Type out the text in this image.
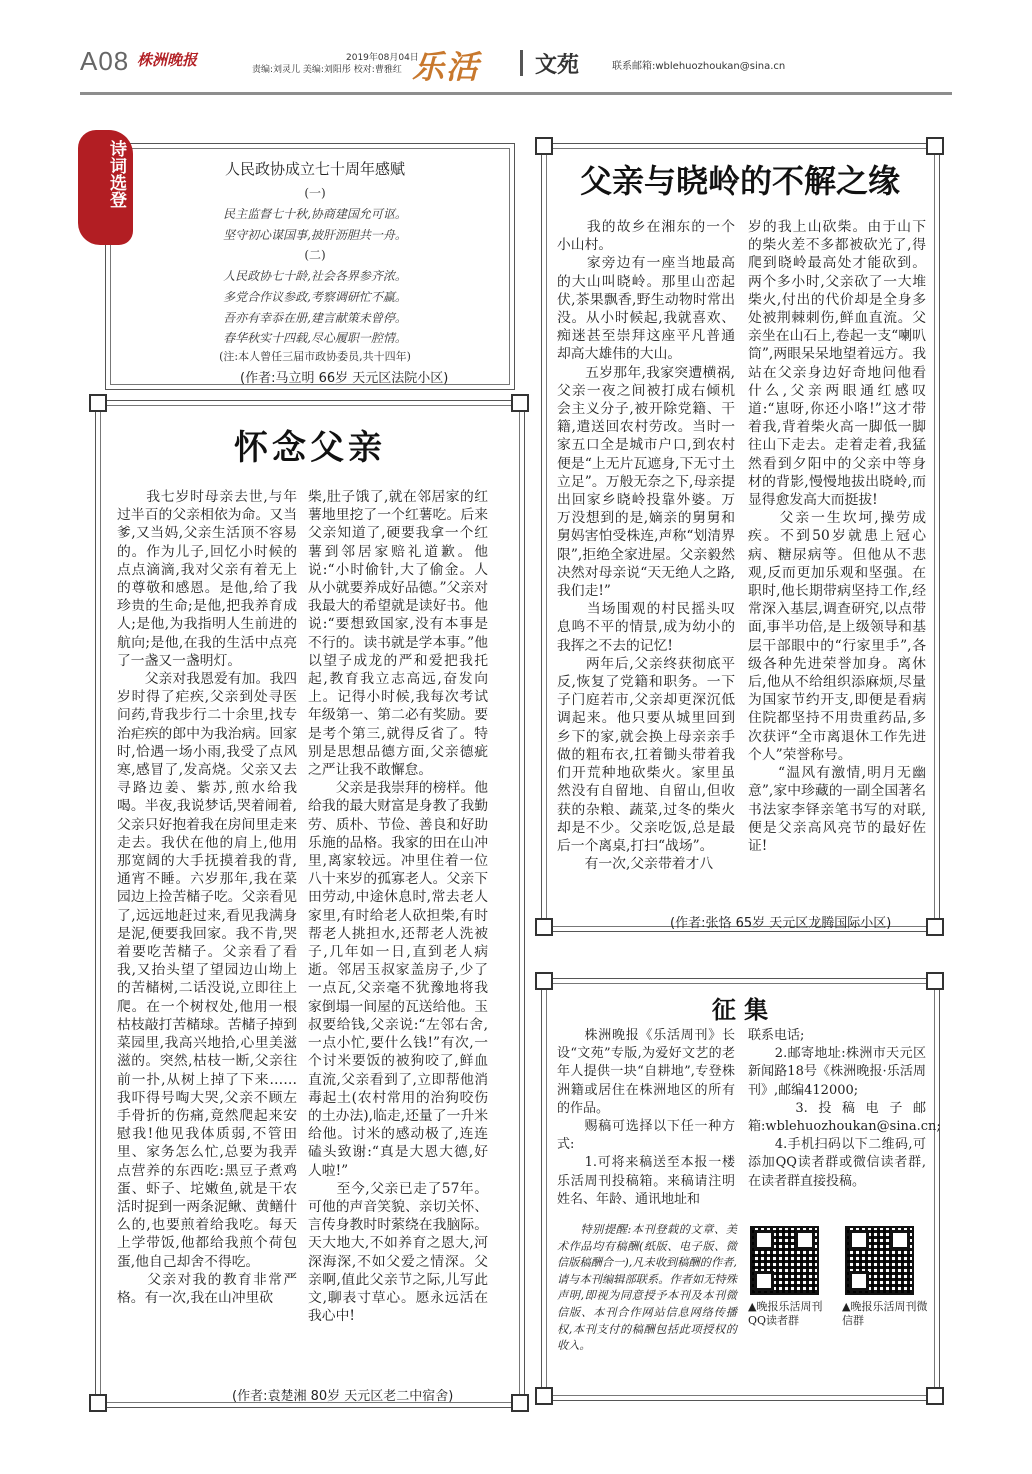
A08 株洲晚报	2019年08月04日
责编:刘灵儿 美编:刘阳彤 校对:曹雅红 乐活 文苑	联系邮箱:wblehuozhoukan@sina.cn
诗词选登	人民政协成立七十周年感赋
(一)
民主监督七十秋,协商建国允可讴。
坚守初心谋国事,披肝沥胆共一舟。
(二)
人民政协七十龄,社会各界参齐浓。
多党合作议参政,考察调研忙不赢。
吾亦有幸忝在册,建言献策未曾停。
春华秋实十四载,尽心履职一腔情。
(注:本人曾任三届市政协委员,共十四年)
(作者:马立明 66岁 天元区法院小区)
怀念父亲
　　我七岁时母亲去世,与年过半百的父亲相依为命。又当爹,又当妈,父亲生活顶不容易的。作为儿子,回忆小时候的点点滴滴,我对父亲有着无上的尊敬和感恩。是他,给了我珍贵的生命;是他,把我养育成人;是他,为我指明人生前进的航向;是他,在我的生活中点亮了一盏又一盏明灯。
　　父亲对我恩爱有加。我四岁时得了疟疾,父亲到处寻医问药,背我步行二十余里,找专治疟疾的郎中为我治病。回家时,恰遇一场小雨,我受了点风寒,感冒了,发高烧。父亲又去寻路边姜、紫苏,煎水给我喝。半夜,我说梦话,哭着闹着,父亲只好抱着我在房间里走来走去。我伏在他的肩上,他用那宽阔的大手抚摸着我的背,通宵不睡。六岁那年,我在菜园边上捡苦槠子吃。父亲看见了,远远地赶过来,看见我满身是泥,便要我回家。我不肯,哭着要吃苦槠子。父亲看了看我,又抬头望了望园边山坳上的苦槠树,二话没说,立即往上爬。在一个树杈处,他用一根枯枝敲打苦槠球。苦槠子掉到菜园里,我高兴地拾,心里美滋滋的。突然,枯枝一断,父亲往前一扑,从树上掉了下来……我吓得号啕大哭,父亲不顾左手骨折的伤痛,竟然爬起来安慰我!他见我体质弱,不管田里、家务怎么忙,总要为我弄点营养的东西吃:黑豆子煮鸡蛋、虾子、坨嫩鱼,就是干农活时捉到一两条泥鳅、黄鳝什么的,也要煎着给我吃。每天上学带饭,他都给我煎个荷包蛋,他自己却舍不得吃。
　　父亲对我的教育非常严格。有一次,我在山冲里砍
柴,肚子饿了,就在邻居家的红薯地里挖了一个红薯吃。后来父亲知道了,硬要我拿一个红薯到邻居家赔礼道歉。他说:“小时偷针,大了偷金。人从小就要养成好品德。”父亲对我最大的希望就是读好书。他说:“要想致国家,没有本事是不行的。读书就是学本事。”他以望子成龙的严和爱把我托起,教育我立志高远,奋发向上。记得小时候,我每次考试年级第一、第二必有奖励。要是考个第三,就得反省了。特别是思想品德方面,父亲德疵之严让我不敢懈怠。
　　父亲是我崇拜的榜样。他给我的最大财富是身教了我勤劳、质朴、节俭、善良和好助乐施的品格。我家的田在山冲里,离家较远。冲里住着一位八十来岁的孤寡老人。父亲下田劳动,中途休息时,常去老人家里,有时给老人砍担柴,有时帮老人挑担水,还帮老人洗被子,几年如一日,直到老人病逝。邻居玉叔家盖房子,少了一点瓦,父亲毫不犹豫地将我家倒塌一间屋的瓦送给他。玉叔要给钱,父亲说:“左邻右舍,一点小忙,要什么钱!”有次,一个讨米要饭的被狗咬了,鲜血直流,父亲看到了,立即帮他消毒起土(农村常用的治狗咬伤的土办法),临走,还量了一升米给他。讨米的感动极了,连连磕头致谢:“真是大恩大德,好人啦!”
　　至今,父亲已走了57年。可他的声音笑貌、亲切关怀、言传身教时时萦绕在我脑际。天大地大,不如养育之恩大,河深海深,不如父爱之情深。父亲啊,值此父亲节之际,儿写此文,聊表寸草心。愿永远活在我心中!
(作者:袁楚湘 80岁 天元区老二中宿舍)
父亲与晓岭的不解之缘
　　我的故乡在湘东的一个小山村。
　　家旁边有一座当地最高的大山叫晓岭。那里山峦起伏,茶果飘香,野生动物时常出没。从小时候起,我就喜欢、痴迷甚至崇拜这座平凡普通却高大雄伟的大山。
　　五岁那年,我家突遭横祸,父亲一夜之间被打成右倾机会主义分子,被开除党籍、干籍,遣送回农村劳改。当时一家五口全是城市户口,到农村便是“上无片瓦遮身,下无寸土立足”。万般无奈之下,母亲提出回家乡晓岭投靠外婆。万万没想到的是,嫡亲的舅舅和舅妈害怕受株连,声称“划清界限”,拒绝全家进屋。父亲毅然决然对母亲说“天无绝人之路,我们走!”
　　当场围观的村民摇头叹息鸣不平的情景,成为幼小的我挥之不去的记忆!
　　两年后,父亲终获彻底平反,恢复了党籍和职务。一下子门庭若市,父亲却更深沉低调起来。他只要从城里回到乡下的家,就会换上母亲亲手做的粗布衣,扛着锄头带着我们开荒种地砍柴火。家里虽然没有自留地、自留山,但收获的杂粮、蔬菜,过冬的柴火却是不少。父亲吃饭,总是最后一个离桌,打扫“战场”。
　　有一次,父亲带着才八
岁的我上山砍柴。由于山下的柴火差不多都被砍光了,得爬到晓岭最高处才能砍到。两个多小时,父亲砍了一大堆柴火,付出的代价却是全身多处被荆棘刺伤,鲜血直流。父亲坐在山石上,卷起一支“喇叭筒”,两眼呆呆地望着远方。我站在父亲身边好奇地问他看什么,父亲两眼通红感叹道:“崽呀,你还小咯!”这才带着我,背着柴火高一脚低一脚往山下走去。走着走着,我猛然看到夕阳中的父亲中等身材的背影,慢慢地拔出晓岭,而显得愈发高大而挺拔!
　　父亲一生坎坷,操劳成疾。不到50岁就患上冠心病、糖尿病等。但他从不悲观,反而更加乐观和坚强。在职时,他长期带病坚持工作,经常深入基层,调查研究,以点带面,事半功倍,是上级领导和基层干部眼中的“行家里手”,各级各种先进荣誉加身。离休后,他从不给组织添麻烦,尽量为国家节约开支,即便是看病住院都坚持不用贵重药品,多次获评“全市离退休工作先进个人”荣誉称号。
　　“温风有激情,明月无幽意”,家中珍藏的一副全国著名书法家李铎亲笔书写的对联,便是父亲高风亮节的最好佐证!
(作者:张恪 65岁 天元区龙腾国际小区)
征 集
　　株洲晚报《乐活周刊》长设“文苑”专版,为爱好文艺的老年人提供一块“自耕地”,专登株洲籍或居住在株洲地区的所有的作品。
　　赐稿可选择以下任一种方式:
　　1.可将来稿送至本报一楼乐活周刊投稿箱。来稿请注明姓名、年龄、通讯地址和
联系电话;
　　2.邮寄地址:株洲市天元区新闻路18号《株洲晚报·乐活周刊》,邮编412000;
　　3.投稿电子邮箱:wblehuozhoukan@sina.cn;
　　4.手机扫码以下二维码,可添加QQ读者群或微信读者群,在读者群直接投稿。
　　特别提醒:本刊登载的文章、美术作品均有稿酬(纸版、电子版、微信版稿酬合一),凡未收到稿酬的作者,请与本刊编辑部联系。作者如无特殊声明,即视为同意授予本刊及本刊微信版、本刊合作网站信息网络传播权,本刊支付的稿酬包括此项授权的收入。
▲晚报乐活周刊QQ读者群
▲晚报乐活周刊微信群
